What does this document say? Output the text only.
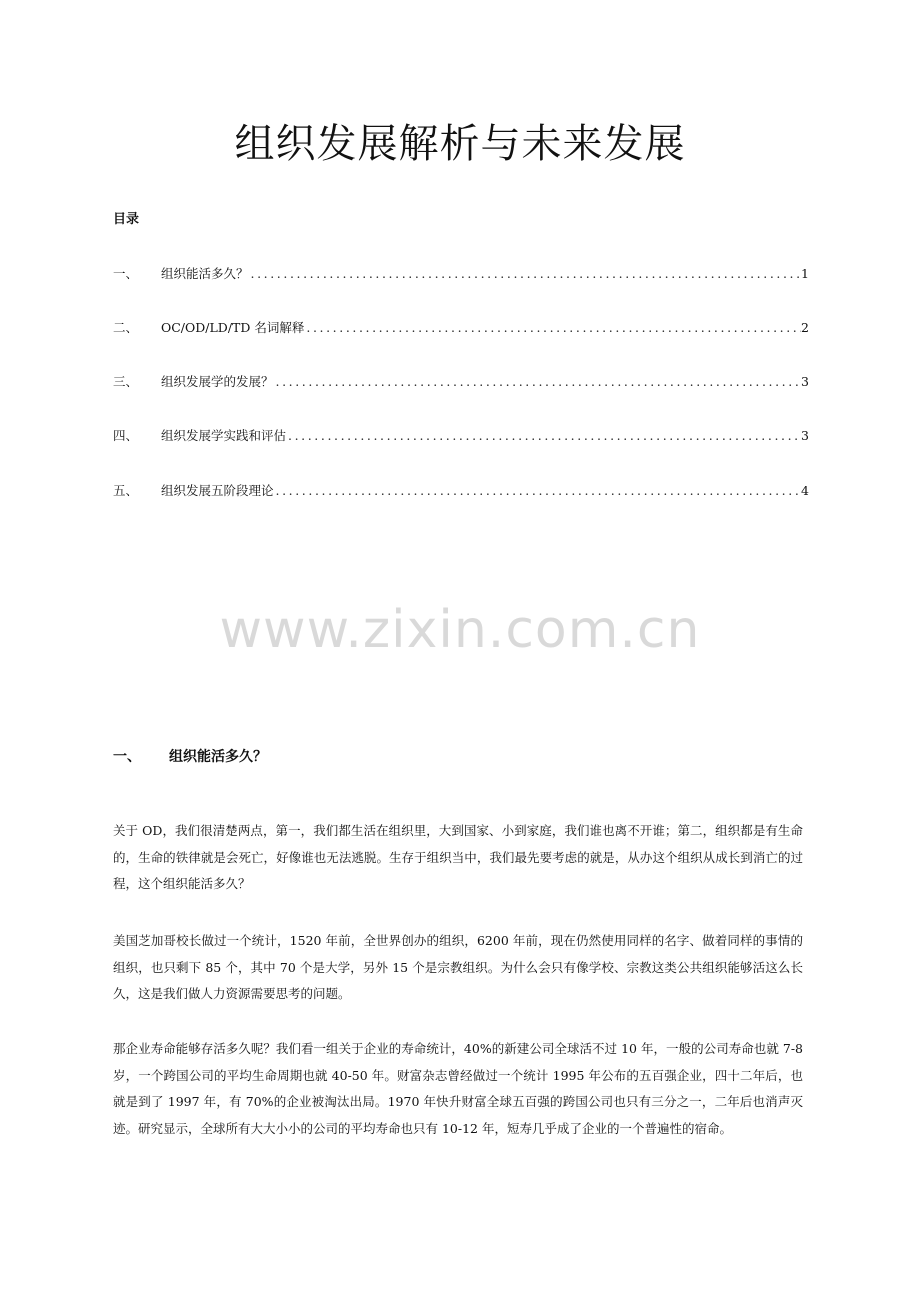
组织发展解析与未来发展
目录
一、	组织能活多久？ .....	1
二、	OC/OD/LD/TD 名词解释 .....	2
三、	组织发展学的发展？ .....	3
四、	组织发展学实践和评估 .....	3
五、	组织发展五阶段理论 .....	4
www.zixin.com.cn
一、	组织能活多久？

关于 OD，我们很清楚两点，第一，我们都生活在组织里，大到国家、小到家庭，我们谁也离不开谁；第二，组织都是有生命的，生命的铁律就是会死亡，好像谁也无法逃脱。生存于组织当中，我们最先要考虑的就是，从办这个组织从成长到消亡的过程，这个组织能活多久？

美国芝加哥校长做过一个统计，1520 年前，全世界创办的组织，6200 年前，现在仍然使用同样的名字、做着同样的事情的组织，也只剩下 85 个，其中 70 个是大学，另外 15 个是宗教组织。为什么会只有像学校、宗教这类公共组织能够活这么长久，这是我们做人力资源需要思考的问题。

那企业寿命能够存活多久呢？我们看一组关于企业的寿命统计，40%的新建公司全球活不过 10 年，一般的公司寿命也就 7-8 岁，一个跨国公司的平均生命周期也就 40-50 年。财富杂志曾经做过一个统计 1995 年公布的五百强企业，四十二年后，也就是到了 1997 年，有 70%的企业被淘汰出局。1970 年快升财富全球五百强的跨国公司也只有三分之一，二年后也消声灭迹。研究显示，全球所有大大小小的公司的平均寿命也只有 10-12 年，短寿几乎成了企业的一个普遍性的宿命。
